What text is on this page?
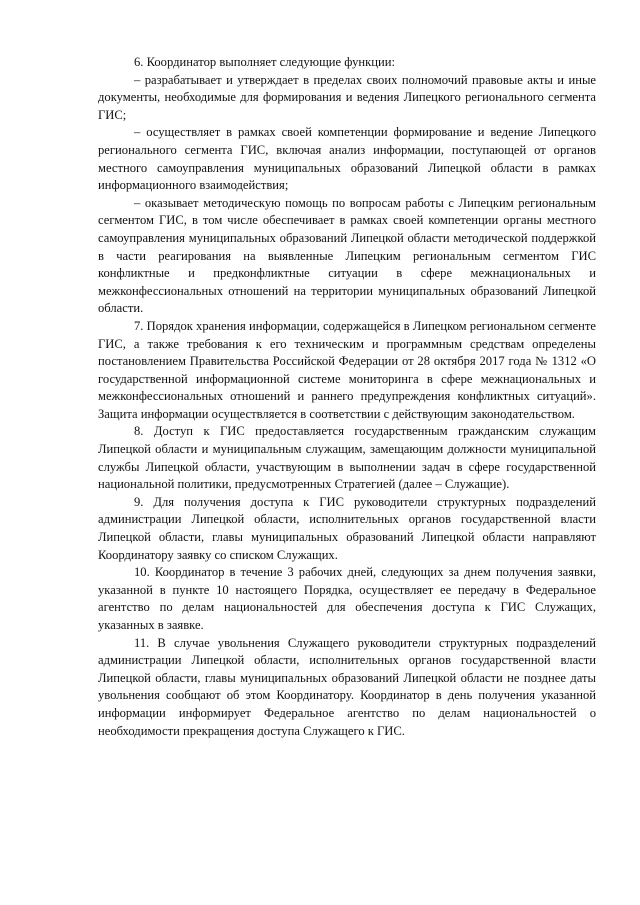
6. Координатор выполняет следующие функции:

– разрабатывает и утверждает в пределах своих полномочий правовые акты и иные документы, необходимые для формирования и ведения Липецкого регионального сегмента ГИС;

– осуществляет в рамках своей компетенции формирование и ведение Липецкого регионального сегмента ГИС, включая анализ информации, поступающей от органов местного самоуправления муниципальных образований Липецкой области в рамках информационного взаимодействия;

– оказывает методическую помощь по вопросам работы с Липецким региональным сегментом ГИС, в том числе обеспечивает в рамках своей компетенции органы местного самоуправления муниципальных образований Липецкой области методической поддержкой в части реагирования на выявленные Липецким региональным сегментом ГИС конфликтные и предконфликтные ситуации в сфере межнациональных и межконфессиональных отношений на территории муниципальных образований Липецкой области.

7. Порядок хранения информации, содержащейся в Липецком региональном сегменте ГИС, а также требования к его техническим и программным средствам определены постановлением Правительства Российской Федерации от 28 октября 2017 года № 1312 «О государственной информационной системе мониторинга в сфере межнациональных и межконфессиональных отношений и раннего предупреждения конфликтных ситуаций». Защита информации осуществляется в соответствии с действующим законодательством.

8. Доступ к ГИС предоставляется государственным гражданским служащим Липецкой области и муниципальным служащим, замещающим должности муниципальной службы Липецкой области, участвующим в выполнении задач в сфере государственной национальной политики, предусмотренных Стратегией (далее – Служащие).

9. Для получения доступа к ГИС руководители структурных подразделений администрации Липецкой области, исполнительных органов государственной власти Липецкой области, главы муниципальных образований Липецкой области направляют Координатору заявку со списком Служащих.

10. Координатор в течение 3 рабочих дней, следующих за днем получения заявки, указанной в пункте 10 настоящего Порядка, осуществляет ее передачу в Федеральное агентство по делам национальностей для обеспечения доступа к ГИС Служащих, указанных в заявке.

11. В случае увольнения Служащего руководители структурных подразделений администрации Липецкой области, исполнительных органов государственной власти Липецкой области, главы муниципальных образований Липецкой области не позднее даты увольнения сообщают об этом Координатору. Координатор в день получения указанной информации информирует Федеральное агентство по делам национальностей о необходимости прекращения доступа Служащего к ГИС.
